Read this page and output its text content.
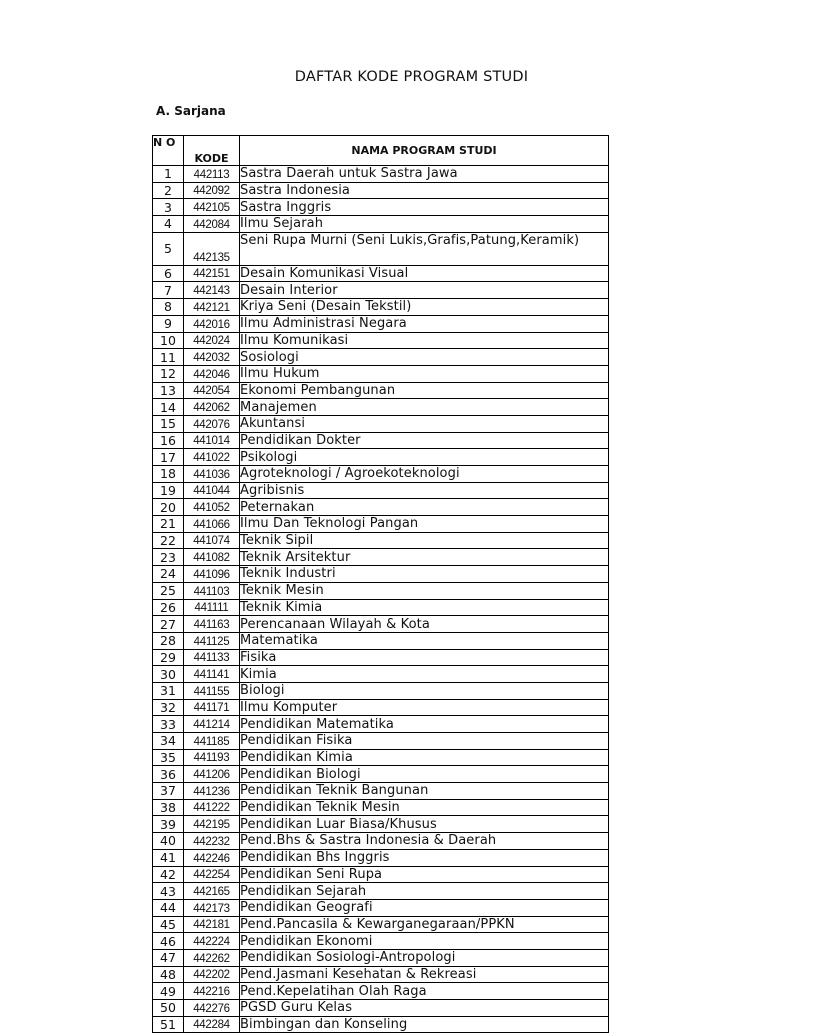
DAFTAR KODE PROGRAM STUDI
A. Sarjana
N O	KODE	NAMA PROGRAM STUDI
1	442113	Sastra Daerah untuk Sastra Jawa
2	442092	Sastra Indonesia
3	442105	Sastra Inggris
4	442084	Ilmu Sejarah
5	442135	Seni Rupa Murni (Seni Lukis,Grafis,Patung,Keramik)
6	442151	Desain Komunikasi Visual
7	442143	Desain Interior
8	442121	Kriya Seni (Desain Tekstil)
9	442016	Ilmu Administrasi Negara
10	442024	Ilmu Komunikasi
11	442032	Sosiologi
12	442046	Ilmu Hukum
13	442054	Ekonomi Pembangunan
14	442062	Manajemen
15	442076	Akuntansi
16	441014	Pendidikan Dokter
17	441022	Psikologi
18	441036	Agroteknologi / Agroekoteknologi
19	441044	Agribisnis
20	441052	Peternakan
21	441066	Ilmu Dan Teknologi Pangan
22	441074	Teknik Sipil
23	441082	Teknik Arsitektur
24	441096	Teknik Industri
25	441103	Teknik Mesin
26	441111	Teknik Kimia
27	441163	Perencanaan Wilayah & Kota
28	441125	Matematika
29	441133	Fisika
30	441141	Kimia
31	441155	Biologi
32	441171	Ilmu Komputer
33	441214	Pendidikan Matematika
34	441185	Pendidikan Fisika
35	441193	Pendidikan Kimia
36	441206	Pendidikan Biologi
37	441236	Pendidikan Teknik Bangunan
38	441222	Pendidikan Teknik Mesin
39	442195	Pendidikan Luar Biasa/Khusus
40	442232	Pend.Bhs & Sastra Indonesia & Daerah
41	442246	Pendidikan Bhs Inggris
42	442254	Pendidikan Seni Rupa
43	442165	Pendidikan Sejarah
44	442173	Pendidikan Geografi
45	442181	Pend.Pancasila & Kewarganegaraan/PPKN
46	442224	Pendidikan Ekonomi
47	442262	Pendidikan Sosiologi-Antropologi
48	442202	Pend.Jasmani Kesehatan & Rekreasi
49	442216	Pend.Kepelatihan Olah Raga
50	442276	PGSD Guru Kelas
51	442284	Bimbingan dan Konseling
